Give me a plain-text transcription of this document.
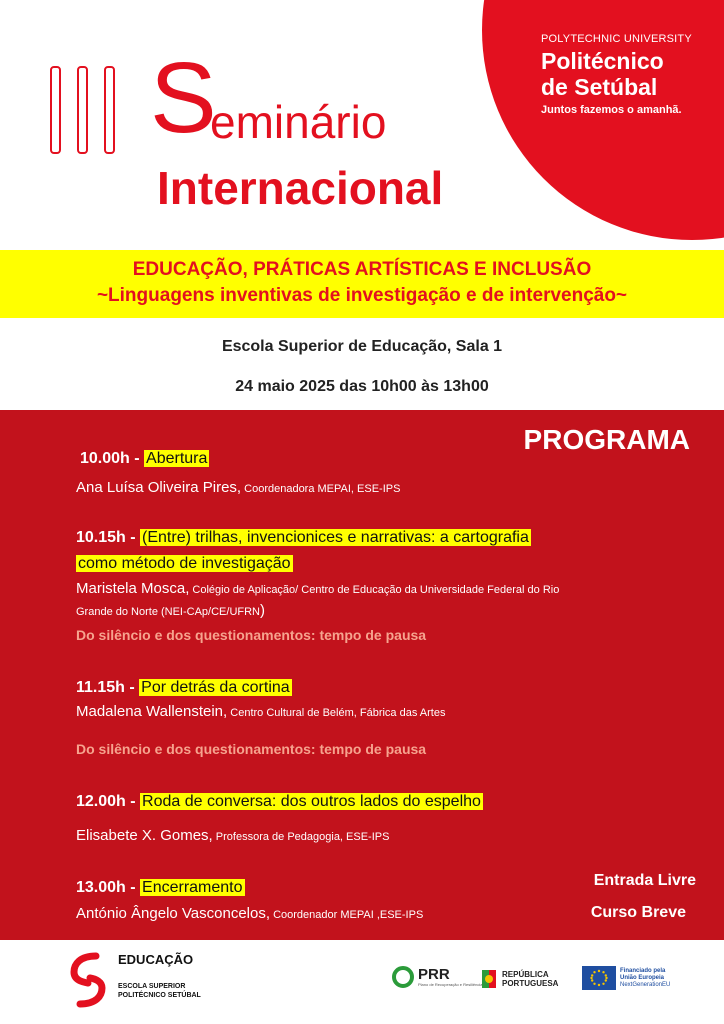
POLYTECHNIC UNIVERSITY
Politécnico
de Setúbal
Juntos fazemos o amanhã.
S
eminário
Internacional
EDUCAÇÃO, PRÁTICAS ARTÍSTICAS E INCLUSÃO
~Linguagens inventivas de investigação e de intervenção~
Escola Superior de Educação, Sala 1
24 maio 2025 das 10h00 às 13h00
PROGRAMA
10.00h - Abertura
Ana Luísa Oliveira Pires, Coordenadora MEPAI, ESE-IPS
10.15h - (Entre) trilhas, invencionices e narrativas: a cartografia
como método de investigação
Maristela Mosca, Colégio de Aplicação/ Centro de Educação da Universidade Federal do Rio
Grande do Norte (NEI-CAp/CE/UFRN)
Do silêncio e dos questionamentos: tempo de pausa
11.15h - Por detrás da cortina
Madalena Wallenstein, Centro Cultural de Belém, Fábrica das Artes
Do silêncio e dos questionamentos: tempo de pausa
12.00h - Roda de conversa: dos outros lados do espelho
Elisabete X. Gomes, Professora de Pedagogia, ESE-IPS
13.00h - Encerramento
António Ângelo Vasconcelos, Coordenador MEPAI ,ESE-IPS
Entrada Livre
Curso Breve
EDUCAÇÃO
ESCOLA SUPERIOR
POLITÉCNICO SETÚBAL
PRR
Plano de Recuperação e Resiliência
REPÚBLICA
PORTUGUESA
Financiado pela
União Europeia
NextGenerationEU
